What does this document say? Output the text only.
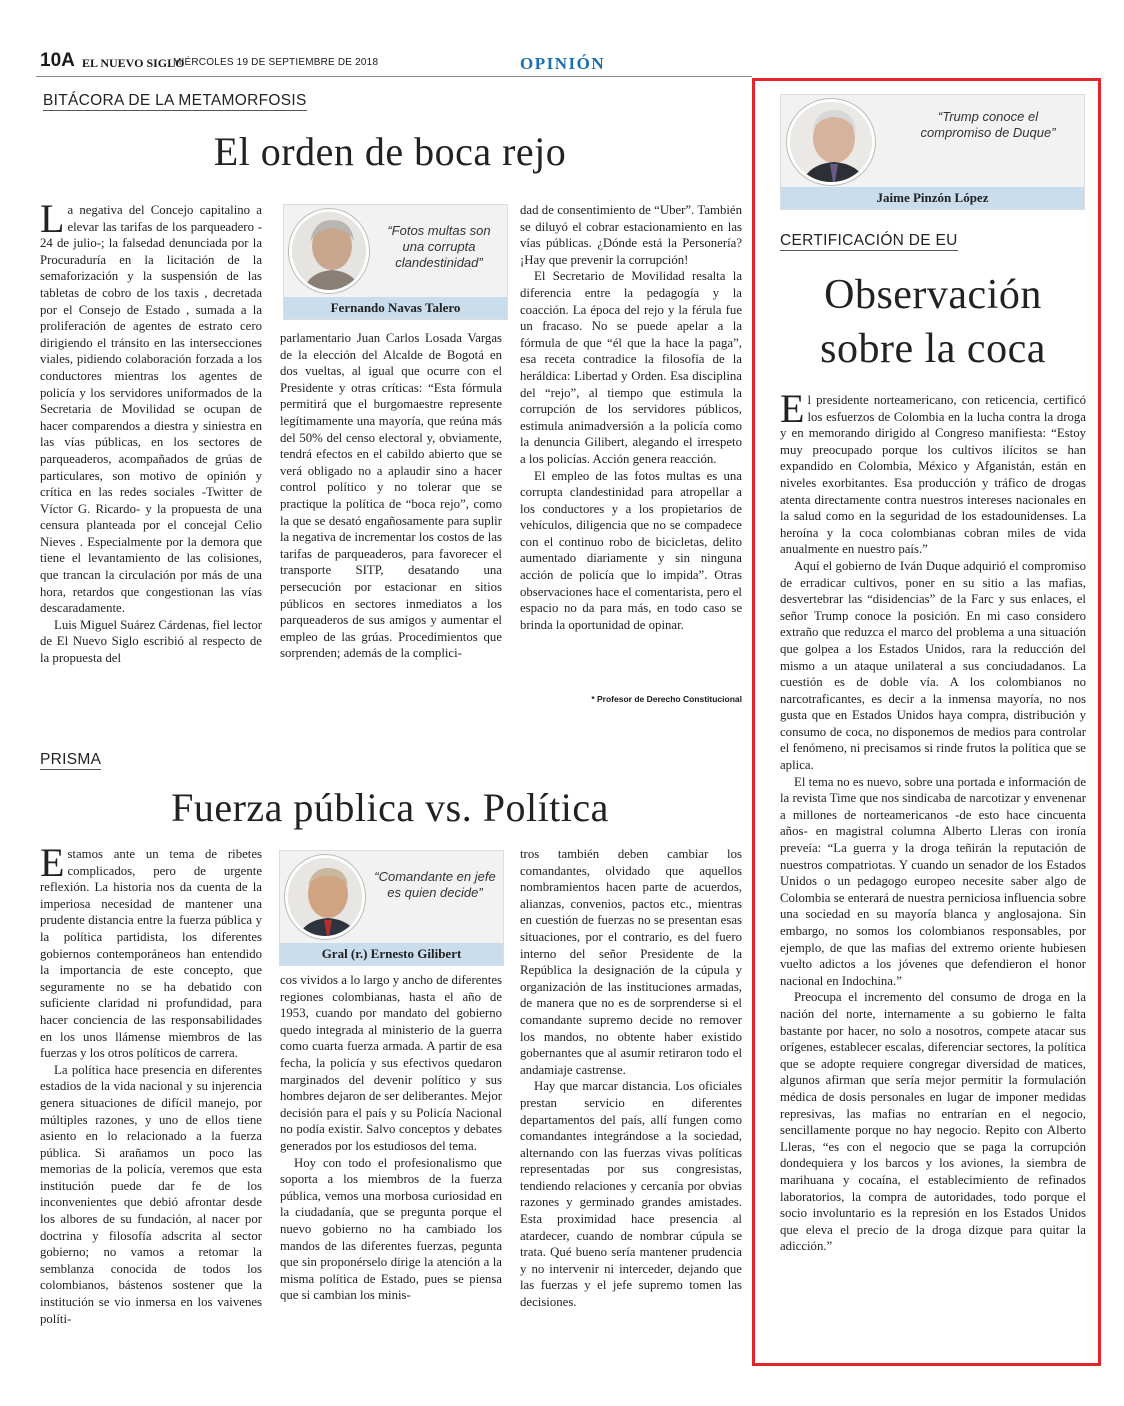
10A EL NUEVO SIGLO
MIÉRCOLES 19 DE SEPTIEMBRE DE 2018	OPINIÓN
BITÁCORA DE LA METAMORFOSIS
El orden de boca rejo

La negativa del Concejo capitalino a elevar las tarifas de los parqueadero - 24 de julio-; la falsedad denunciada por la Procuraduría en la licitación de la semaforización y la suspensión de las tabletas de cobro de los taxis , decretada por el Consejo de Estado , sumada a la proliferación de agentes de estrato cero dirigiendo el tránsito en las intersecciones viales, pidiendo colaboración forzada a los conductores mientras los agentes de policía y los servidores uniformados de la Secretaria de Movilidad se ocupan de hacer comparendos a diestra y siniestra en las vías públicas, en los sectores de parqueaderos, acompañados de grúas de particulares, son motivo de opinión y crítica en las redes sociales -Twitter de Víctor G. Ricardo- y la propuesta de una censura planteada por el concejal Celio Nieves . Especialmente por la demora que tiene el levantamiento de las colisiones, que trancan la circulación por más de una hora, retardos que congestionan las vías descaradamente.

Luis Miguel Suárez Cárdenas, fiel lector de El Nuevo Siglo escribió al respecto de la propuesta del

“Fotos multas son una corrupta clandestinidad”
Fernando Navas Talero

parlamentario Juan Carlos Losada Vargas de la elección del Alcalde de Bogotá en dos vueltas, al igual que ocurre con el Presidente y otras críticas: “Esta fórmula permitirá que el burgomaestre represente legítimamente una mayoría, que reúna más del 50% del censo electoral y, obviamente, tendrá efectos en el cabildo abierto que se verá obligado no a aplaudir sino a hacer control político y no tolerar que se practique la política de “boca rejo”, como la que se desató engañosamente para suplir la negativa de incrementar los costos de las tarifas de parqueaderos, para favorecer el transporte SITP, desatando una persecución por estacionar en sitios públicos en sectores inmediatos a los parqueaderos de sus amigos y aumentar el empleo de las grúas. Procedimientos que sorprenden; además de la complici-

dad de consentimiento de “Uber”. También se diluyó el cobrar estacionamiento en las vías públicas. ¿Dónde está la Personería? ¡Hay que prevenir la corrupción!

El Secretario de Movilidad resalta la diferencia entre la pedagogía y la coacción. La época del rejo y la férula fue un fracaso. No se puede apelar a la fórmula de que “él que la hace la paga”, esa receta contradice la filosofía de la heráldica: Libertad y Orden. Esa disciplina del “rejo”, al tiempo que estimula la corrupción de los servidores públicos, estimula animadversión a la policía como la denuncia Gilibert, alegando el irrespeto a los policías. Acción genera reacción.

El empleo de las fotos multas es una corrupta clandestinidad para atropellar a los conductores y a los propietarios de vehículos, diligencia que no se compadece con el continuo robo de bicicletas, delito aumentado diariamente y sin ninguna acción de policía que lo impida”. Otras observaciones hace el comentarista, pero el espacio no da para más, en todo caso se brinda la oportunidad de opinar.

* Profesor de Derecho Constitucional
PRISMA
Fuerza pública vs. Política

Estamos ante un tema de ribetes complicados, pero de urgente reflexión. La historia nos da cuenta de la imperiosa necesidad de mantener una prudente distancia entre la fuerza pública y la política partidista, los diferentes gobiernos contemporáneos han entendido la importancia de este concepto, que seguramente no se ha debatido con suficiente claridad ni profundidad, para hacer conciencia de las responsabilidades en los unos llámense miembros de las fuerzas y los otros políticos de carrera.

La política hace presencia en diferentes estadios de la vida nacional y su injerencia genera situaciones de difícil manejo, por múltiples razones, y uno de ellos tiene asiento en lo relacionado a la fuerza pública. Si arañamos un poco las memorias de la policía, veremos que esta institución puede dar fe de los inconvenientes que debió afrontar desde los albores de su fundación, al nacer por doctrina y filosofía adscrita al sector gobierno; no vamos a retomar la semblanza conocida de todos los colombianos, bástenos sostener que la institución se vio inmersa en los vaivenes políti-

“Comandante en jefe es quien decide”
Gral (r.) Ernesto Gilibert

cos vividos a lo largo y ancho de diferentes regiones colombianas, hasta el año de 1953, cuando por mandato del gobierno quedo integrada al ministerio de la guerra como cuarta fuerza armada. A partir de esa fecha, la policía y sus efectivos quedaron marginados del devenir político y sus hombres dejaron de ser deliberantes. Mejor decisión para el país y su Policía Nacional no podía existir. Salvo conceptos y debates generados por los estudiosos del tema.

Hoy con todo el profesionalismo que soporta a los miembros de la fuerza pública, vemos una morbosa curiosidad en la ciudadanía, que se pregunta porque el nuevo gobierno no ha cambiado los mandos de las diferentes fuerzas, pegunta que sin proponérselo dirige la atención a la misma política de Estado, pues se piensa que si cambian los minis-

tros también deben cambiar los comandantes, olvidado que aquellos nombramientos hacen parte de acuerdos, alianzas, convenios, pactos etc., mientras en cuestión de fuerzas no se presentan esas situaciones, por el contrario, es del fuero interno del señor Presidente de la República la designación de la cúpula y organización de las instituciones armadas, de manera que no es de sorprenderse si el comandante supremo decide no remover los mandos, no obtente haber existido gobernantes que al asumir retiraron todo el andamiaje castrense.

Hay que marcar distancia. Los oficiales prestan servicio en diferentes departamentos del país, allí fungen como comandantes integrándose a la sociedad, alternando con las fuerzas vivas políticas representadas por sus congresistas, tendiendo relaciones y cercanía por obvias razones y germinado grandes amistades. Esta proximidad hace presencia al atardecer, cuando de nombrar cúpula se trata. Qué bueno sería mantener prudencia y no intervenir ni interceder, dejando que las fuerzas y el jefe supremo tomen las decisiones.

“Trump conoce el compromiso de Duque”
Jaime Pinzón López
CERTIFICACIÓN DE EU
Observación
sobre la coca

El presidente norteamericano, con reticencia, certificó los esfuerzos de Colombia en la lucha contra la droga y en memorando dirigido al Congreso manifiesta: “Estoy muy preocupado porque los cultivos ilícitos se han expandido en Colombia, México y Afganistán, están en niveles exorbitantes. Esa producción y tráfico de drogas atenta directamente contra nuestros intereses nacionales en la salud como en la seguridad de los estadounidenses. La heroína y la coca colombianas cobran miles de vida anualmente en nuestro país.”

Aquí el gobierno de Iván Duque adquirió el compromiso de erradicar cultivos, poner en su sitio a las mafias, desvertebrar las “disidencias” de la Farc y sus enlaces, el señor Trump conoce la posición. En mi caso considero extraño que reduzca el marco del problema a una situación que golpea a los Estados Unidos, rara la reducción del mismo a un ataque unilateral a sus conciudadanos. La cuestión es de doble vía. A los colombianos no narcotraficantes, es decir a la inmensa mayoría, no nos gusta que en Estados Unidos haya compra, distribución y consumo de coca, no disponemos de medios para controlar el fenómeno, ni precisamos si rinde frutos la política que se aplica.

El tema no es nuevo, sobre una portada e información de la revista Time que nos sindicaba de narcotizar y envenenar a millones de norteamericanos -de esto hace cincuenta años- en magistral columna Alberto Lleras con ironía preveía: “La guerra y la droga teñirán la reputación de nuestros compatriotas. Y cuando un senador de los Estados Unidos o un pedagogo europeo necesite saber algo de Colombia se enterará de nuestra perniciosa influencia sobre una sociedad en su mayoría blanca y anglosajona. Sin embargo, no somos los colombianos responsables, por ejemplo, de que las mafias del extremo oriente hubiesen vuelto adictos a los jóvenes que defendieron el honor nacional en Indochina.”

Preocupa el incremento del consumo de droga en la nación del norte, internamente a su gobierno le falta bastante por hacer, no solo a nosotros, compete atacar sus orígenes, establecer escalas, diferenciar sectores, la política que se adopte requiere congregar diversidad de matices, algunos afirman que sería mejor permitir la formulación médica de dosis personales en lugar de imponer medidas represivas, las mafias no entrarían en el negocio, sencillamente porque no hay negocio. Repito con Alberto Lleras, “es con el negocio que se paga la corrupción dondequiera y los barcos y los aviones, la siembra de marihuana y cocaína, el establecimiento de refinados laboratorios, la compra de autoridades, todo porque el socio involuntario es la represión en los Estados Unidos que eleva el precio de la droga dizque para quitar la adicción.”
